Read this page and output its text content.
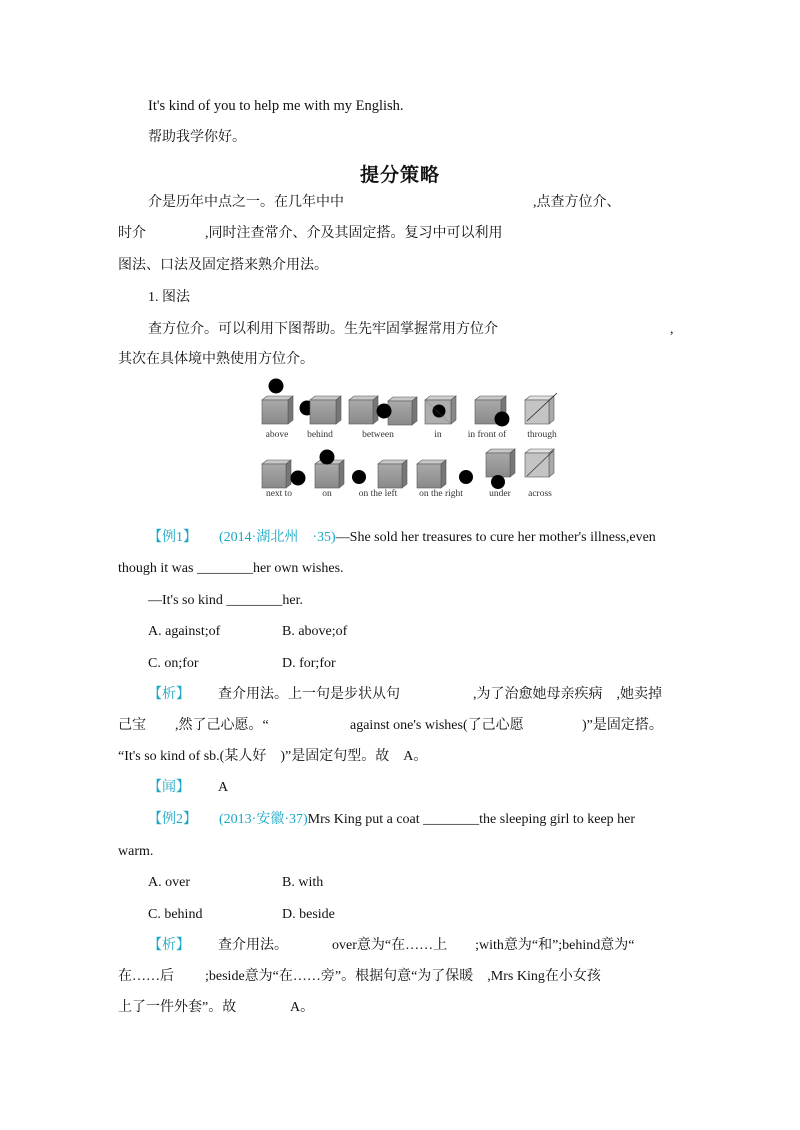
It's kind of you to help me with my English.
帮助我学你好。
提分策略
介是历年中点之一。在几年中中	,点查方位介、
时介	,同时注查常介、介及其固定搭。复习中可以利用
图法、口法及固定搭来熟介用法。
1. 图法
查方位介。可以利用下图帮助。生先牢固掌握常用方位介	,
其次在具体境中熟使用方位介。
above behind	between	in	in front of through
next to	on	on the left on the right	under across
【例1】 (2014·湖北州　·35)—She sold her treasures to cure her mother's illness,even
though it was ________her own wishes.
—It's so kind ________her.
A. against;of	B. above;of
C. on;for	D. for;for
【析】 查介用法。上一句是步状从句	,为了治愈她母亲疾病　,她卖掉
己宝 ,然了己心愿。“	against one's wishes(了己心愿	)”是固定搭。
“It's so kind of sb.(某人好　)”是固定句型。故　A。
【闻】 A
【例2】 (2013·安徽·37)Mrs King put a coat ________the sleeping girl to keep her
warm.
A. over	B. with
C. behind	D. beside
【析】 查介用法。	over意为“在……上　　;with意为“和”;behind意为“
在……后 ;beside意为“在……旁”。根据句意“为了保暖　,Mrs King在小女孩
上了一件外套”。故	A。
